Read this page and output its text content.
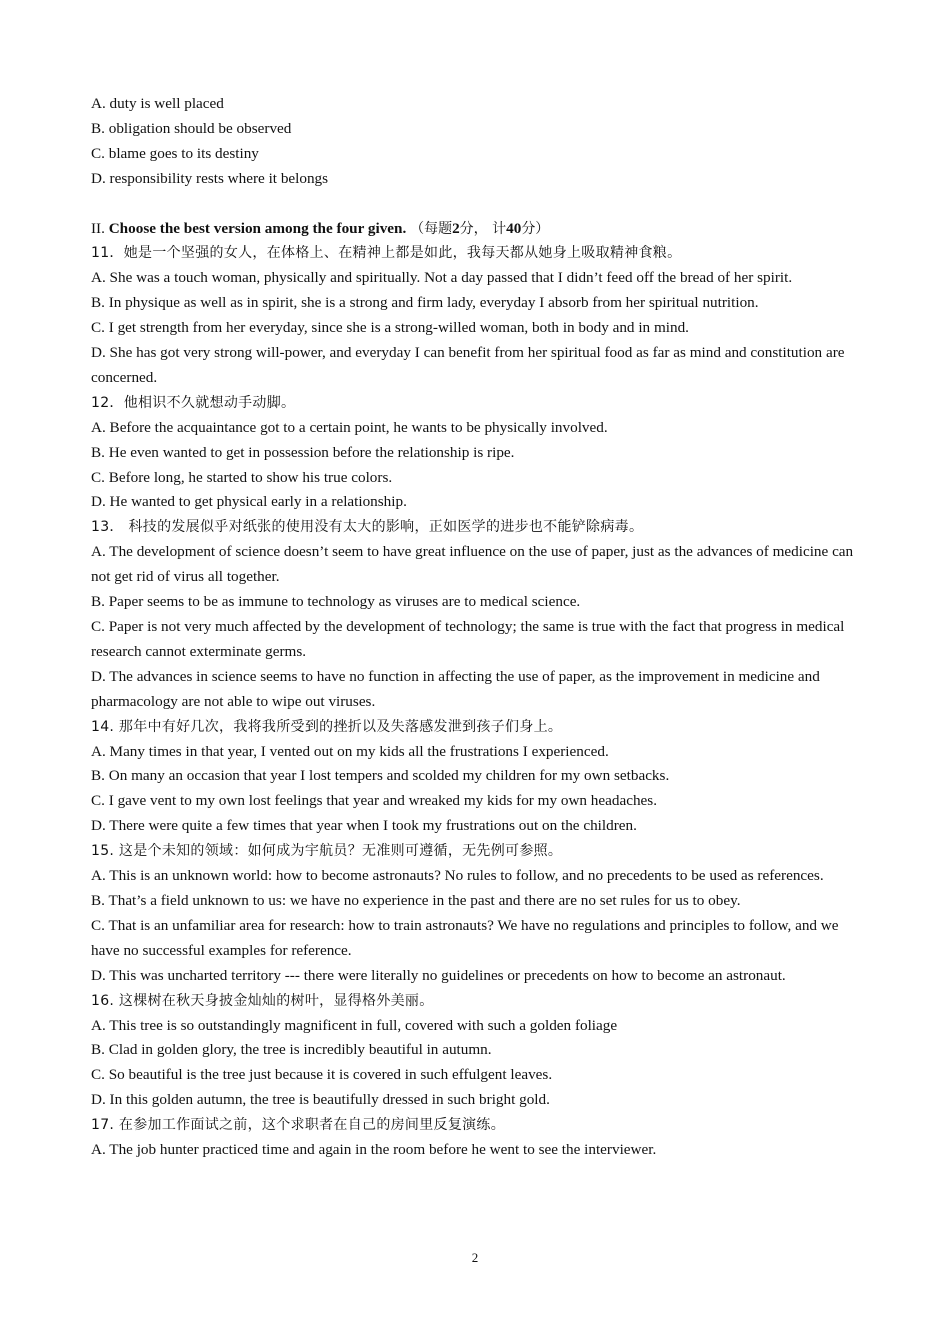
A. duty is well placed
B. obligation should be observed
C. blame goes to its destiny
D. responsibility rests where it belongs
II. Choose the best version among the four given. （每题2分， 计40分）
11．她是一个坚强的女人，在体格上、在精神上都是如此，我每天都从她身上吸取精神食粮。
A. She was a touch woman, physically and spiritually. Not a day passed that I didn’t feed off the bread of her spirit.
B. In physique as well as in spirit, she is a strong and firm lady, everyday I absorb from her spiritual nutrition.
C. I get strength from her everyday, since she is a strong-willed woman, both in body and in mind.
D. She has got very strong will-power, and everyday I can benefit from her spiritual food as far as mind and constitution are concerned.
12．他相识不久就想动手动脚。
A. Before the acquaintance got to a certain point, he wants to be physically involved.
B. He even wanted to get in possession before the relationship is ripe.
C. Before long, he started to show his true colors.
D. He wanted to get physical early in a relationship.
13． 科技的发展似乎对纸张的使用没有太大的影响，正如医学的进步也不能铲除病毒。
A. The development of science doesn’t seem to have great influence on the use of paper, just as the advances of medicine can not get rid of virus all together.
B. Paper seems to be as immune to technology as viruses are to medical science.
C. Paper is not very much affected by the development of technology; the same is true with the fact that progress in medical research cannot exterminate germs.
D. The advances in science seems to have no function in affecting the use of paper, as the improvement in medicine and pharmacology are not able to wipe out viruses.
14. 那年中有好几次，我将我所受到的挫折以及失落感发泄到孩子们身上。
A. Many times in that year, I vented out on my kids all the frustrations I experienced.
B. On many an occasion that year I lost tempers and scolded my children for my own setbacks.
C. I gave vent to my own lost feelings that year and wreaked my kids for my own headaches.
D. There were quite a few times that year when I took my frustrations out on the children.
15. 这是个未知的领域：如何成为宇航员？无准则可遵循，无先例可参照。
A. This is an unknown world: how to become astronauts? No rules to follow, and no precedents to be used as references.
B. That’s a field unknown to us: we have no experience in the past and there are no set rules for us to obey.
C. That is an unfamiliar area for research: how to train astronauts? We have no regulations and principles to follow, and we have no successful examples for reference.
D. This was uncharted territory --- there were literally no guidelines or precedents on how to become an astronaut.
16. 这棵树在秋天身披金灿灿的树叶，显得格外美丽。
A. This tree is so outstandingly magnificent in full, covered with such a golden foliage
B. Clad in golden glory, the tree is incredibly beautiful in autumn.
C. So beautiful is the tree just because it is covered in such effulgent leaves.
D. In this golden autumn, the tree is beautifully dressed in such bright gold.
17. 在参加工作面试之前，这个求职者在自己的房间里反复演练。
A. The job hunter practiced time and again in the room before he went to see the interviewer.
2
